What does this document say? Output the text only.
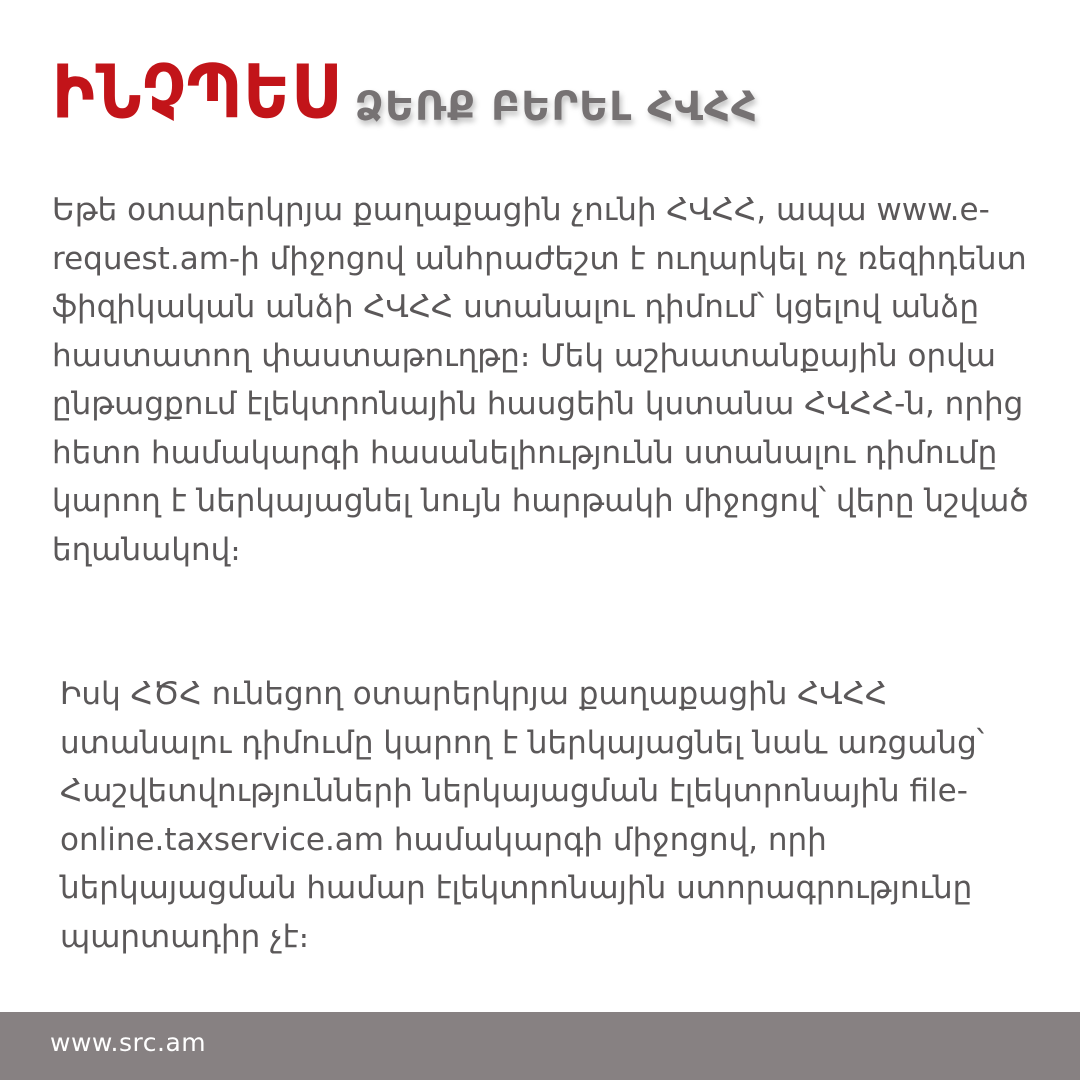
ԻՆՉՊԵՍ ՁԵՌՔ ԲԵՐԵԼ ՀՎՀՀ

Եթե օտարերկրյա քաղաքացին չունի ՀՎՀՀ, ապա www.e-request.am-ի միջոցով անհրաժեշտ է ուղարկել ոչ ռեզիդենտ ֆիզիկական անձի ՀՎՀՀ ստանալու դիմում՝ կցելով անձը հաստատող փաստաթուղթը։ Մեկ աշխատանքային օրվա ընթացքում էլեկտրոնային հասցեին կստանա ՀՎՀՀ-ն, որից հետո համակարգի հասանելիությունն ստանալու դիմումը կարող է ներկայացնել նույն հարթակի միջոցով՝ վերը նշված եղանակով։

Իսկ ՀԾՀ ունեցող օտարերկրյա քաղաքացին ՀՎՀՀ ստանալու դիմումը կարող է ներկայացնել նաև առցանց՝ Հաշվետվությունների ներկայացման էլեկտրոնային file-online.taxservice.am համակարգի միջոցով, որի ներկայացման համար էլեկտրոնային ստորագրությունը պարտադիր չէ։

www.src.am
